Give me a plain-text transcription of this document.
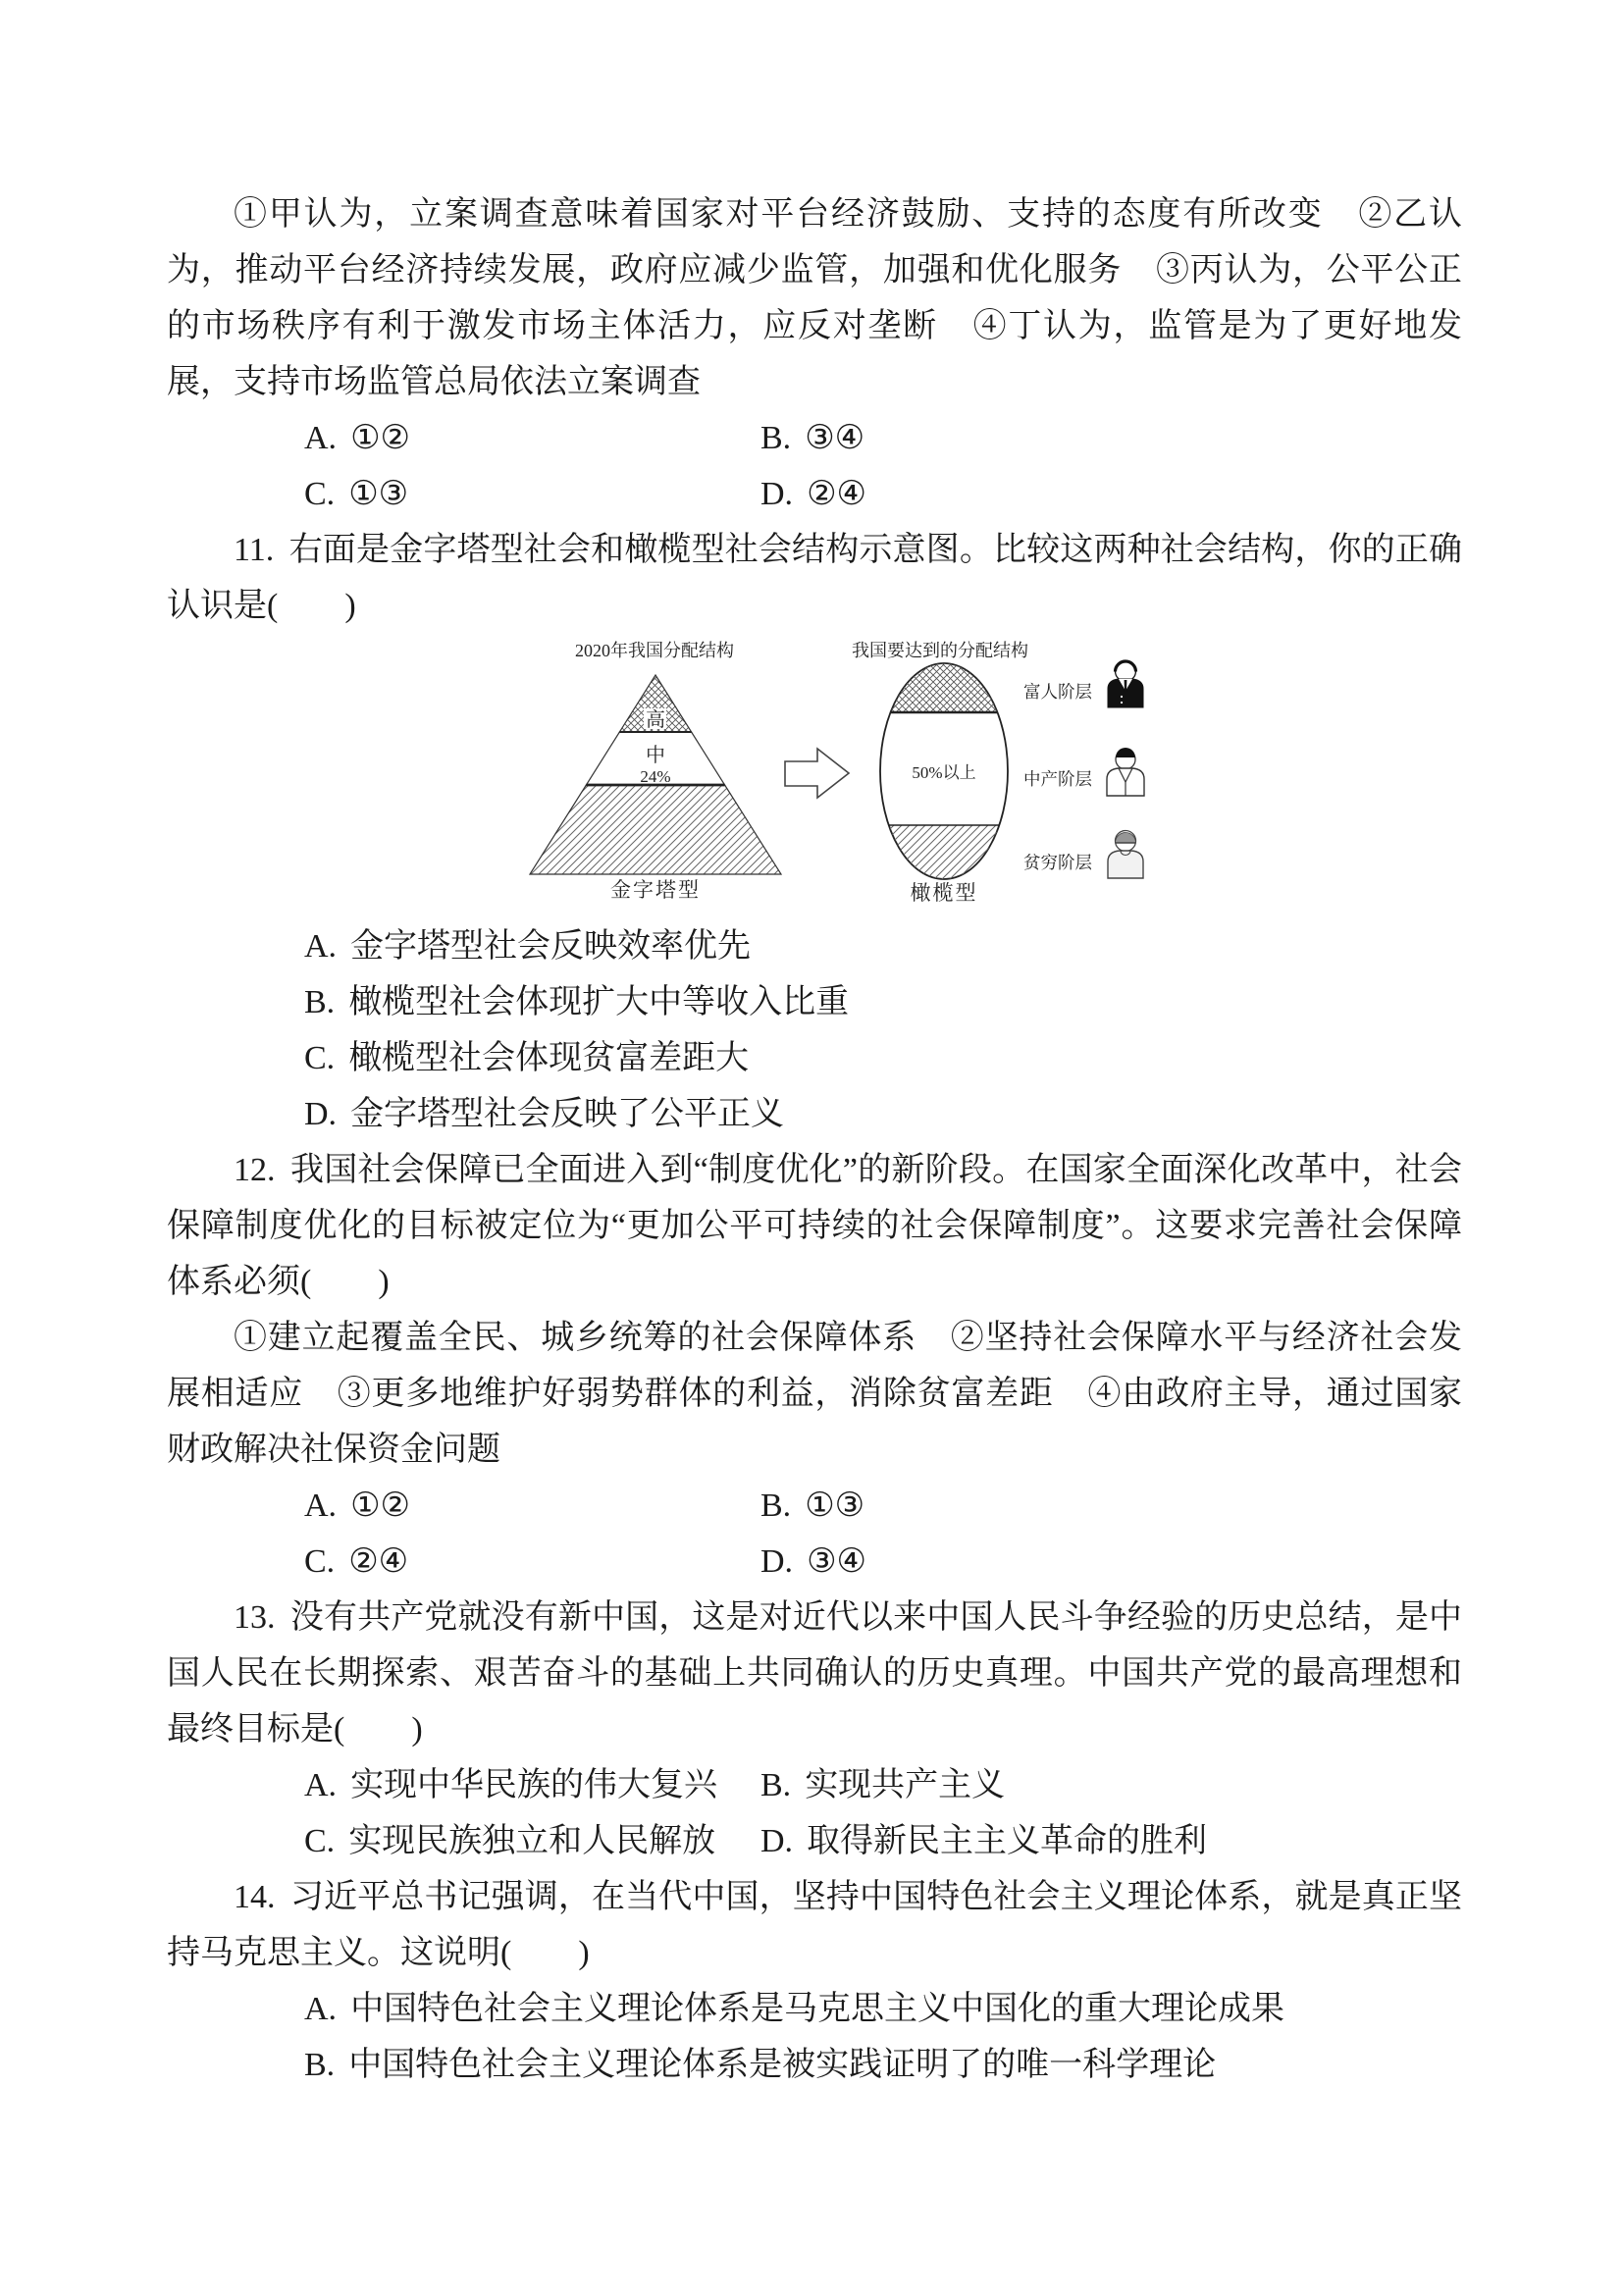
①甲认为，立案调查意味着国家对平台经济鼓励、支持的态度有所改变　②乙认为，推动平台经济持续发展，政府应减少监管，加强和优化服务　③丙认为，公平公正的市场秩序有利于激发市场主体活力，应反对垄断　④丁认为，监管是为了更好地发展，支持市场监管总局依法立案调查

A. ①②	B. ③④
C. ①③	D. ②④

11. 右面是金字塔型社会和橄榄型社会结构示意图。比较这两种社会结构，你的正确认识是(　　)

2020年我国分配结构
高
中
24%
金字塔型
我国要达到的分配结构
50%以上
橄榄型
富人阶层
中产阶层
贫穷阶层
A. 金字塔型社会反映效率优先
B. 橄榄型社会体现扩大中等收入比重
C. 橄榄型社会体现贫富差距大
D. 金字塔型社会反映了公平正义

12. 我国社会保障已全面进入到“制度优化”的新阶段。在国家全面深化改革中，社会保障制度优化的目标被定位为“更加公平可持续的社会保障制度”。这要求完善社会保障体系必须(　　)

①建立起覆盖全民、城乡统筹的社会保障体系　②坚持社会保障水平与经济社会发展相适应　③更多地维护好弱势群体的利益，消除贫富差距　④由政府主导，通过国家财政解决社保资金问题

A. ①②	B. ①③
C. ②④	D. ③④

13. 没有共产党就没有新中国，这是对近代以来中国人民斗争经验的历史总结，是中国人民在长期探索、艰苦奋斗的基础上共同确认的历史真理。中国共产党的最高理想和最终目标是(　　)

A. 实现中华民族的伟大复兴 B. 实现共产主义
C. 实现民族独立和人民解放 D. 取得新民主主义革命的胜利

14. 习近平总书记强调，在当代中国，坚持中国特色社会主义理论体系，就是真正坚持马克思主义。这说明(　　)

A. 中国特色社会主义理论体系是马克思主义中国化的重大理论成果
B. 中国特色社会主义理论体系是被实践证明了的唯一科学理论
